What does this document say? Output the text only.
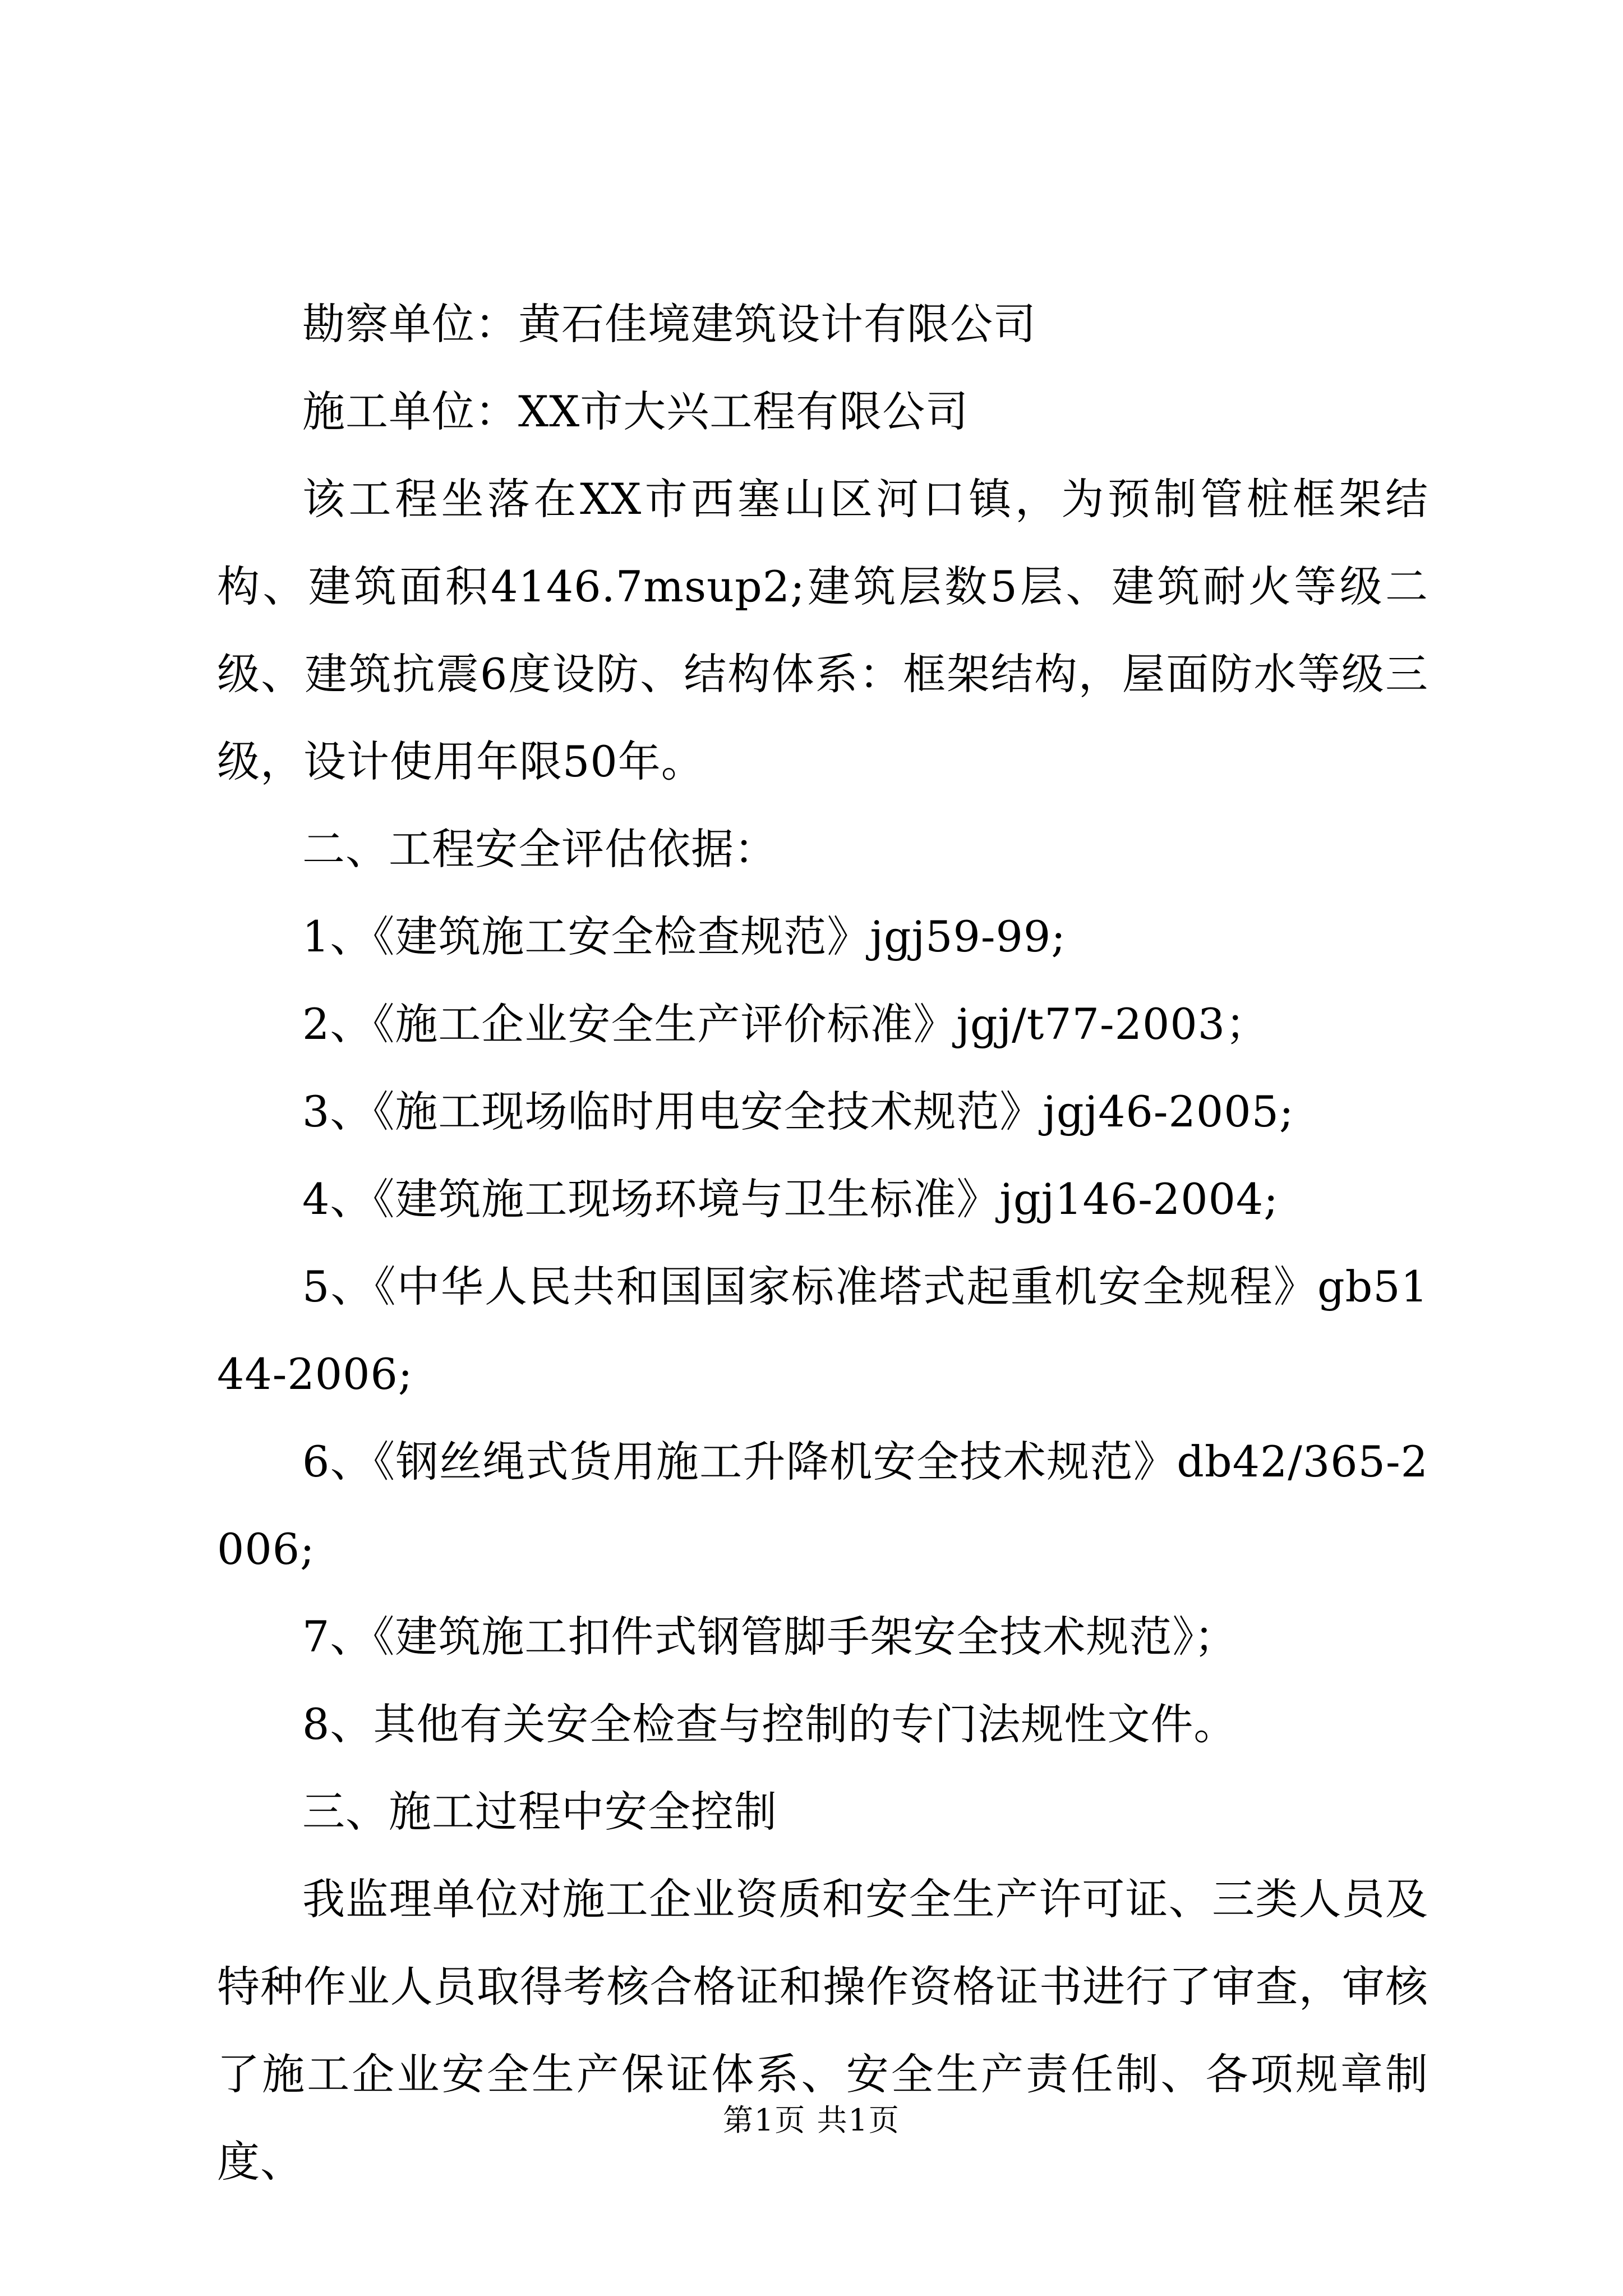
勘察单位：黄石佳境建筑设计有限公司

施工单位：XX市大兴工程有限公司

该工程坐落在XX市西塞山区河口镇，为预制管桩框架结构、建筑面积4146.7msup2;建筑层数5层、建筑耐火等级二级、建筑抗震6度设防、结构体系：框架结构，屋面防水等级三级，设计使用年限50年。

二、工程安全评估依据：

1、《建筑施工安全检查规范》jgj59-99;

2、《施工企业安全生产评价标准》jgj/t77-2003；

3、《施工现场临时用电安全技术规范》jgj46-2005;

4、《建筑施工现场环境与卫生标准》jgj146-2004;

5、《中华人民共和国国家标准塔式起重机安全规程》gb5144-2006;

6、《钢丝绳式货用施工升降机安全技术规范》db42/365-2006;

7、《建筑施工扣件式钢管脚手架安全技术规范》；

8、其他有关安全检查与控制的专门法规性文件。

三、施工过程中安全控制

我监理单位对施工企业资质和安全生产许可证、三类人员及特种作业人员取得考核合格证和操作资格证书进行了审查，审核了施工企业安全生产保证体系、安全生产责任制、各项规章制度、

第1页 共1页
